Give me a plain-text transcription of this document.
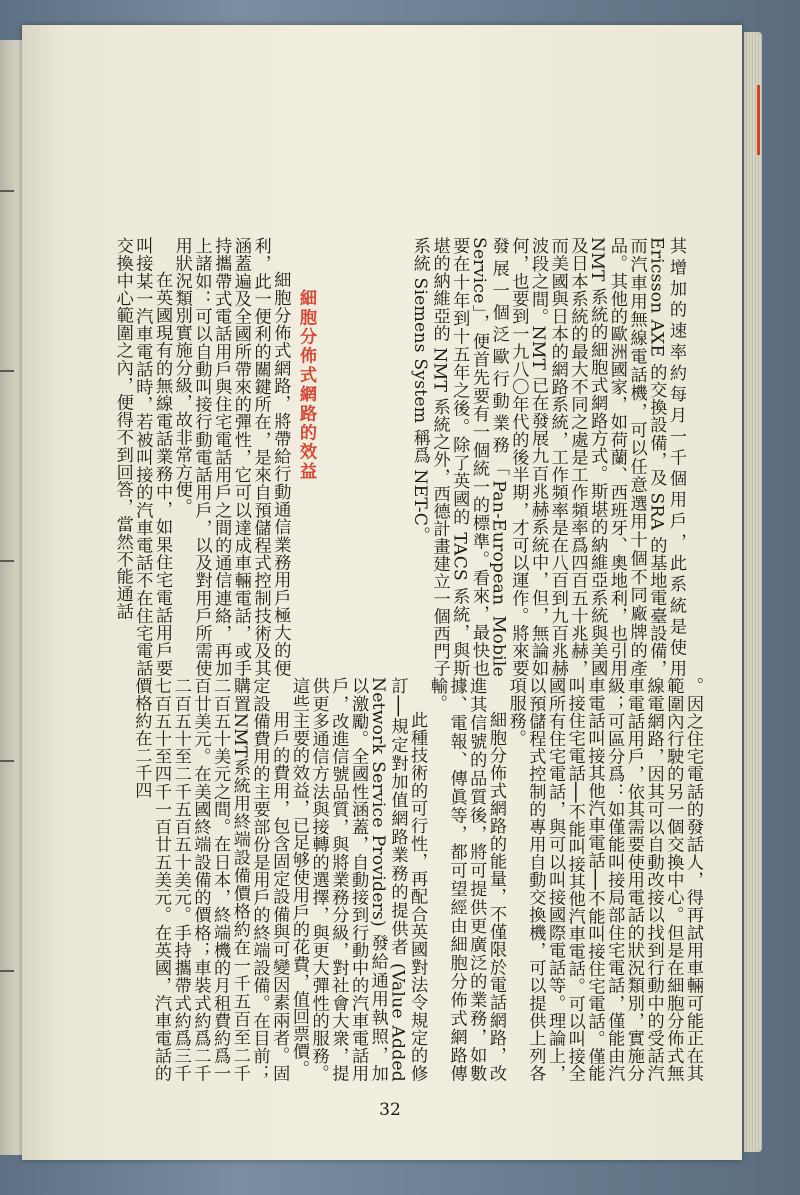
其增加的速率約每月一千個用戶，此系統是使用 Ericsson AXE 的交換設備，及 SRA 的基地電臺設備，而汽車用無線電話機，可以任意選用十個不同廠牌的產品。其他的歐洲國家，如荷蘭、西班牙、奧地利，也引用 NMT 系統的細胞式網路方式。斯堪的納維亞系統與美國及日本系統的最大不同之處是工作頻率爲四百五十兆赫，而美國與日本的網路系統，工作頻率是在八百到九百兆赫波段之間。NMT 已在發展九百兆赫系統中，但，無論如何，也要到一九八〇年代的後半期，才可以運作。將來要發展一個泛歐行動業務「Pan-European Mobile Service」，便首先要有一個統一的標準。看來，最快也要在十年到十五年之後。除了英國的 TACS 系統，與斯堪的納維亞的 NMT 系統之外，西德計畫建立一個西門子系統 Siemens System 稱爲 NET-C。

細胞分佈式網路的效益

細胞分佈式網路，將帶給行動通信業務用戶極大的便利，此一便利的關鍵所在，是來自預儲程式控制技術及其涵蓋遍及全國所帶來的彈性，它可以達成車輛電話，或手持攜帶式電話用戶與住宅電話用戶之間的通信連絡，再加上諸如：可以自動叫接行動電話用戶，以及對用戶所需使用狀況類別實施分級，故非常方便。

在英國現有的無線電話業務中，如果住宅電話用戶要叫接某一汽車電話時，若被叫接的汽車電話不在住宅電話交換中心範圍之內，便得不到回答，當然不能通話

。因之住宅電話的發話人，得再試用車輛可能正在其範圍內行駛的另一個交換中心。但是在細胞分佈式無線電網路，因其可以自動改接以找到行動中的受話汽車電話用戶，依其需要使用電話的狀況類別，實施分級；可區分爲：如僅能叫接局部住宅電話，僅能由汽車電話叫接其他汽車電話──不能叫接住宅電話。僅能叫接住宅電話──不能叫接其他汽車電話。可以叫接全國所有住宅電話，與可以叫接國際電話等。理論上，以預儲程式控制的專用自動交換機，可以提供上列各項服務。

細胞分佈式網路的能量，不僅限於電話網路，改進其信號的品質後，將可提供更廣泛的業務，如數據、電報、傳眞等，都可望經由細胞分佈式網路傳輸。

此種技術的可行性，再配合英國對法令規定的修訂──規定對加值網路業務的提供者 (Value Added Network Service Providers) 發給通用執照，加以激勵。全國性涵蓋，自動接到行動中的汽車電話用戶，改進信號品質，與將業務分級，對社會大衆，提供更多通信方法與接轉的選擇，與更大彈性的服務。這些主要的效益，已足够使用戶的花費，值回票價。

用戶的費用，包含固定設備與可變因素兩者。固定設備費用的主要部份是用戶的終端設備。在目前；購置NMT系統用終端設備價格約在一千五百至二千二百五十美元之間。在日本，終端機的月租費約爲一百廿美元。在美國終端設備的價格；車裝式約爲二千二百五十至二千五百五十美元。手持攜帶式約爲三千七百五十至四千一百廿五美元。在英國，汽車電話的價格約在二千四

32
